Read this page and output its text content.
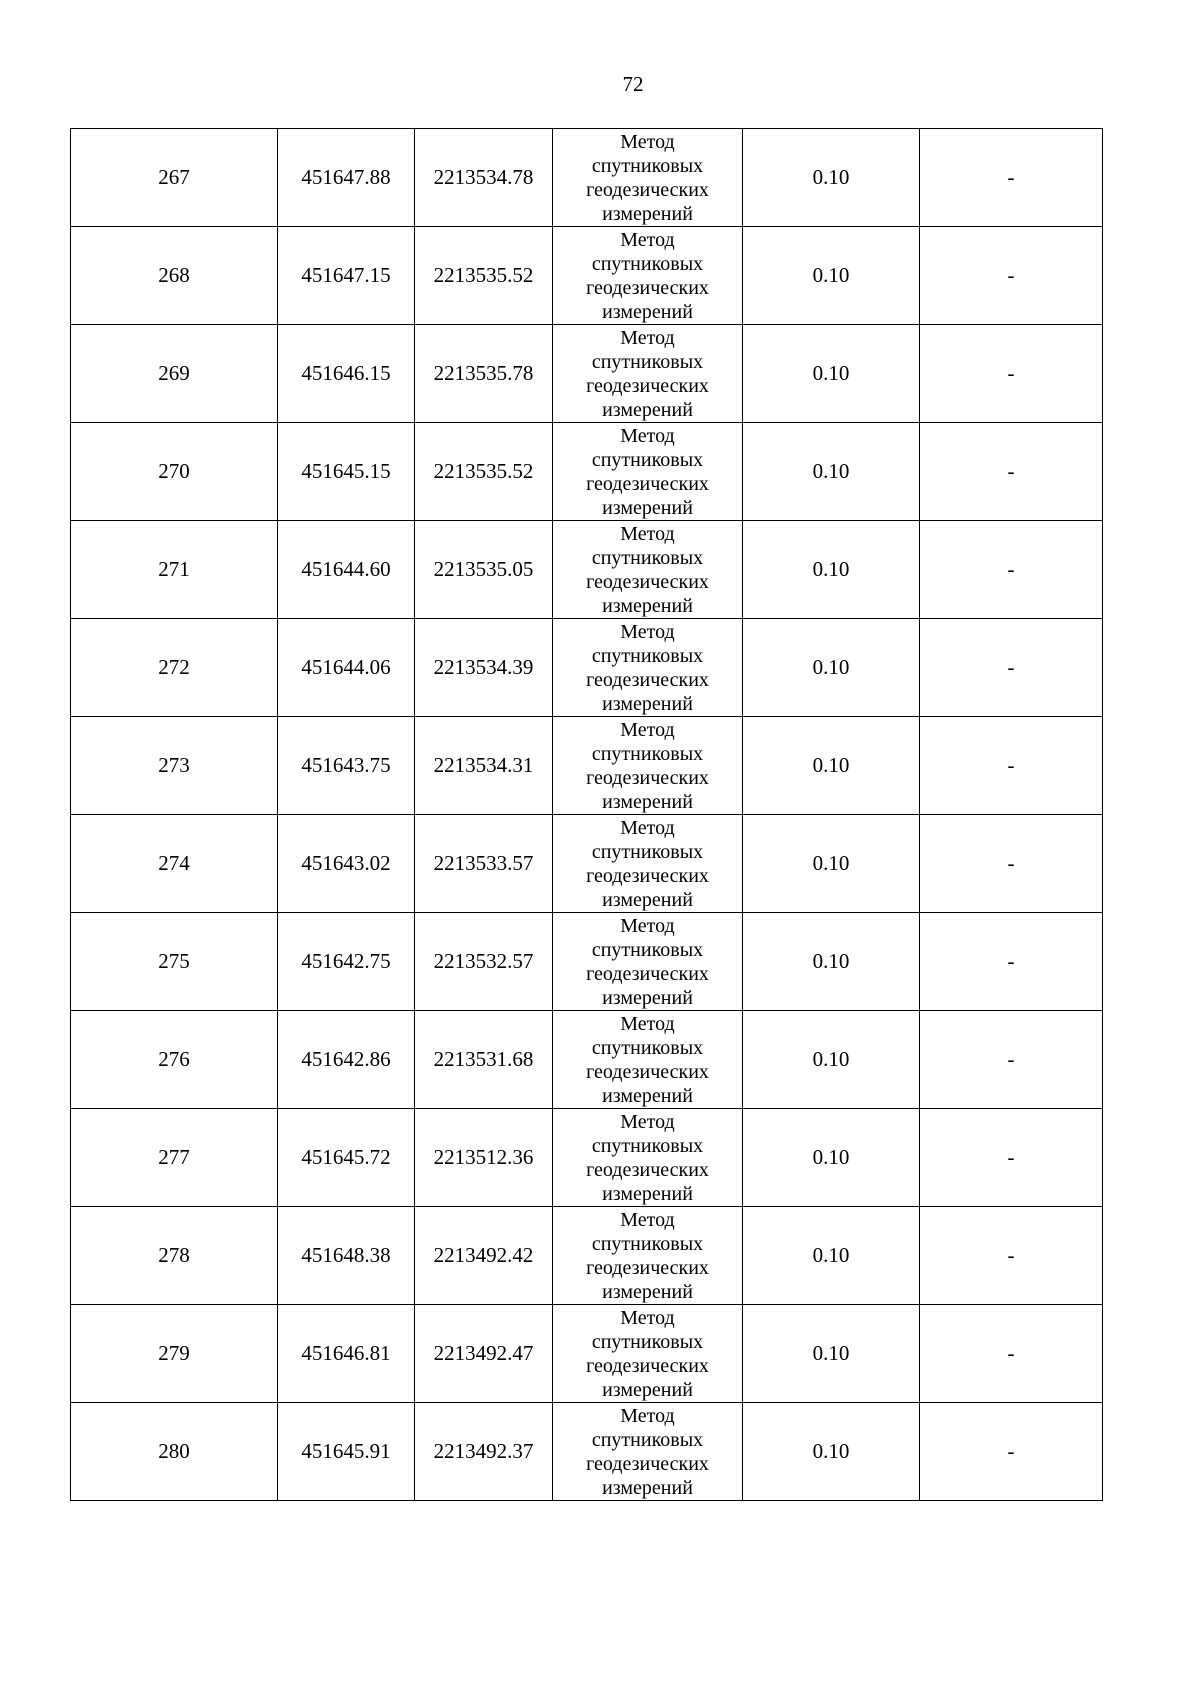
72
267	451647.88	2213534.78	Метод
спутниковых
геодезических
измерений	0.10	-
268	451647.15	2213535.52	Метод
спутниковых
геодезических
измерений	0.10	-
269	451646.15	2213535.78	Метод
спутниковых
геодезических
измерений	0.10	-
270	451645.15	2213535.52	Метод
спутниковых
геодезических
измерений	0.10	-
271	451644.60	2213535.05	Метод
спутниковых
геодезических
измерений	0.10	-
272	451644.06	2213534.39	Метод
спутниковых
геодезических
измерений	0.10	-
273	451643.75	2213534.31	Метод
спутниковых
геодезических
измерений	0.10	-
274	451643.02	2213533.57	Метод
спутниковых
геодезических
измерений	0.10	-
275	451642.75	2213532.57	Метод
спутниковых
геодезических
измерений	0.10	-
276	451642.86	2213531.68	Метод
спутниковых
геодезических
измерений	0.10	-
277	451645.72	2213512.36	Метод
спутниковых
геодезических
измерений	0.10	-
278	451648.38	2213492.42	Метод
спутниковых
геодезических
измерений	0.10	-
279	451646.81	2213492.47	Метод
спутниковых
геодезических
измерений	0.10	-
280	451645.91	2213492.37	Метод
спутниковых
геодезических
измерений	0.10	-
